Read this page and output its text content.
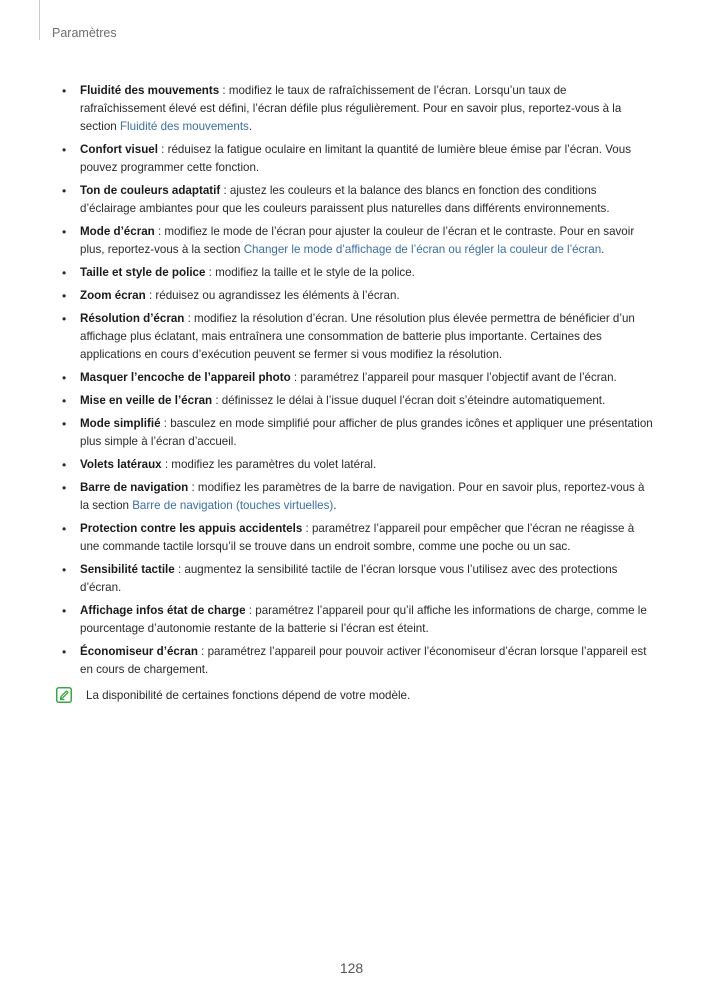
Paramètres
• Fluidité des mouvements : modifiez le taux de rafraîchissement de l’écran. Lorsqu’un taux de rafraîchissement élevé est défini, l’écran défile plus régulièrement. Pour en savoir plus, reportez-vous à la section Fluidité des mouvements.
• Confort visuel : réduisez la fatigue oculaire en limitant la quantité de lumière bleue émise par l’écran. Vous pouvez programmer cette fonction.
• Ton de couleurs adaptatif : ajustez les couleurs et la balance des blancs en fonction des conditions d’éclairage ambiantes pour que les couleurs paraissent plus naturelles dans différents environnements.
• Mode d’écran : modifiez le mode de l’écran pour ajuster la couleur de l’écran et le contraste. Pour en savoir plus, reportez-vous à la section Changer le mode d’affichage de l’écran ou régler la couleur de l’écran.
• Taille et style de police : modifiez la taille et le style de la police.
• Zoom écran : réduisez ou agrandissez les éléments à l’écran.
• Résolution d’écran : modifiez la résolution d’écran. Une résolution plus élevée permettra de bénéficier d’un affichage plus éclatant, mais entraînera une consommation de batterie plus importante. Certaines des applications en cours d’exécution peuvent se fermer si vous modifiez la résolution.
• Masquer l’encoche de l’appareil photo : paramétrez l’appareil pour masquer l’objectif avant de l’écran.
• Mise en veille de l’écran : définissez le délai à l’issue duquel l’écran doit s’éteindre automatiquement.
• Mode simplifié : basculez en mode simplifié pour afficher de plus grandes icônes et appliquer une présentation plus simple à l’écran d’accueil.
• Volets latéraux : modifiez les paramètres du volet latéral.
• Barre de navigation : modifiez les paramètres de la barre de navigation. Pour en savoir plus, reportez-vous à la section Barre de navigation (touches virtuelles).
• Protection contre les appuis accidentels : paramétrez l’appareil pour empêcher que l’écran ne réagisse à une commande tactile lorsqu’il se trouve dans un endroit sombre, comme une poche ou un sac.
• Sensibilité tactile : augmentez la sensibilité tactile de l’écran lorsque vous l’utilisez avec des protections d’écran.
• Affichage infos état de charge : paramétrez l’appareil pour qu’il affiche les informations de charge, comme le pourcentage d’autonomie restante de la batterie si l’écran est éteint.
• Économiseur d’écran : paramétrez l’appareil pour pouvoir activer l’économiseur d’écran lorsque l’appareil est en cours de chargement.
La disponibilité de certaines fonctions dépend de votre modèle.
128
